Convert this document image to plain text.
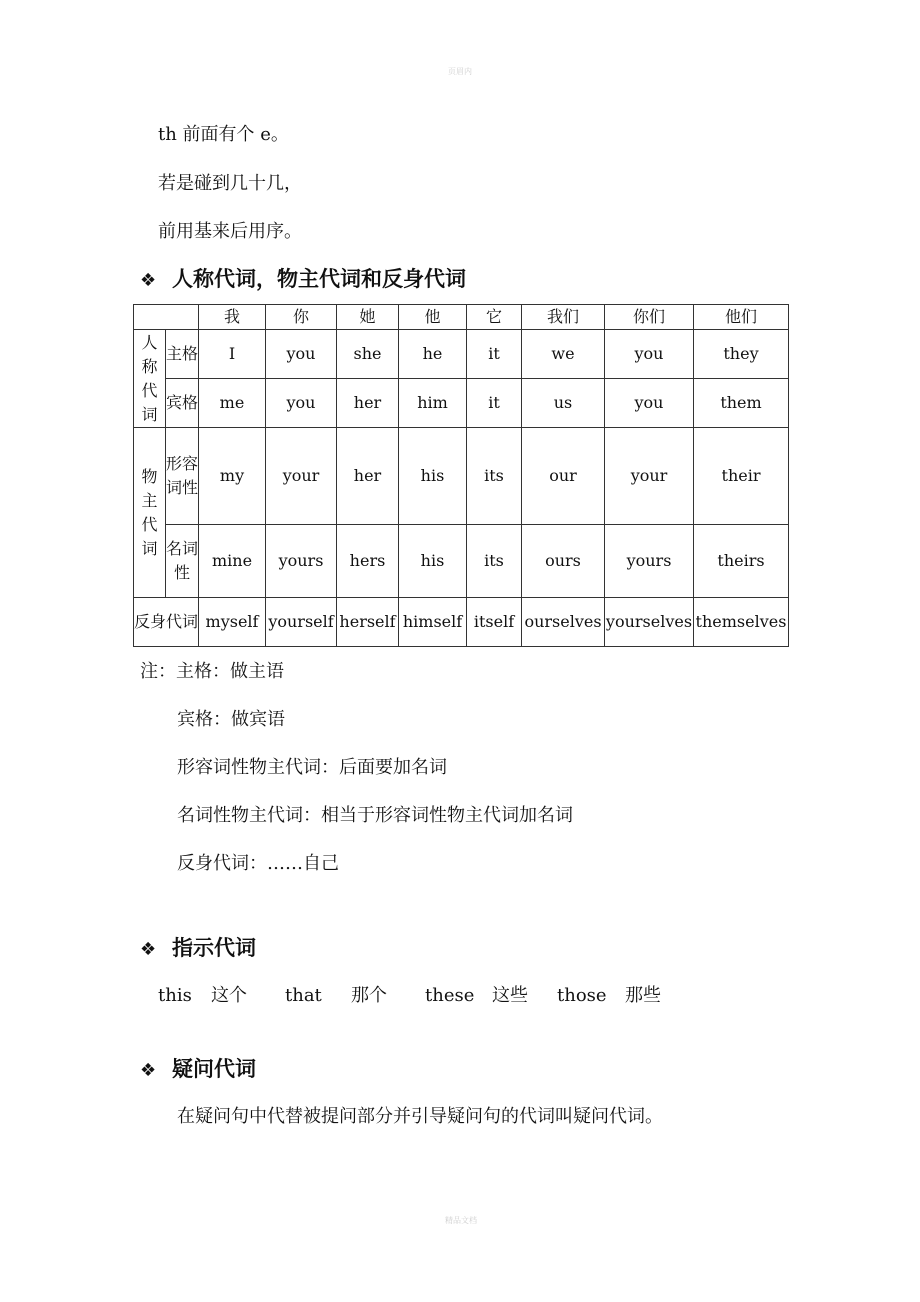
页眉内
th 前面有个 e。
若是碰到几十几，
前用基来后用序。
❖ 人称代词，物主代词和反身代词
		我	你	她	他	它	我们	你们	他们
人称代词	主格	I	you	she	he	it	we	you	they
	宾格	me	you	her	him	it	us	you	them
物主代词	形容词性	my	your	her	his	its	our	your	their
	名词性	mine	yours	hers	his	its	ours	yours	theirs
反身代词		myself	yourself	herself	himself	itself	ourselves	yourselves	themselves
注：主格：做主语
宾格：做宾语
形容词性物主代词：后面要加名词
名词性物主代词：相当于形容词性物主代词加名词
反身代词：……自己
❖ 指示代词
this 这个 that 那个 these 这些 those 那些
❖ 疑问代词
在疑问句中代替被提问部分并引导疑问句的代词叫疑问代词。
精品文档
